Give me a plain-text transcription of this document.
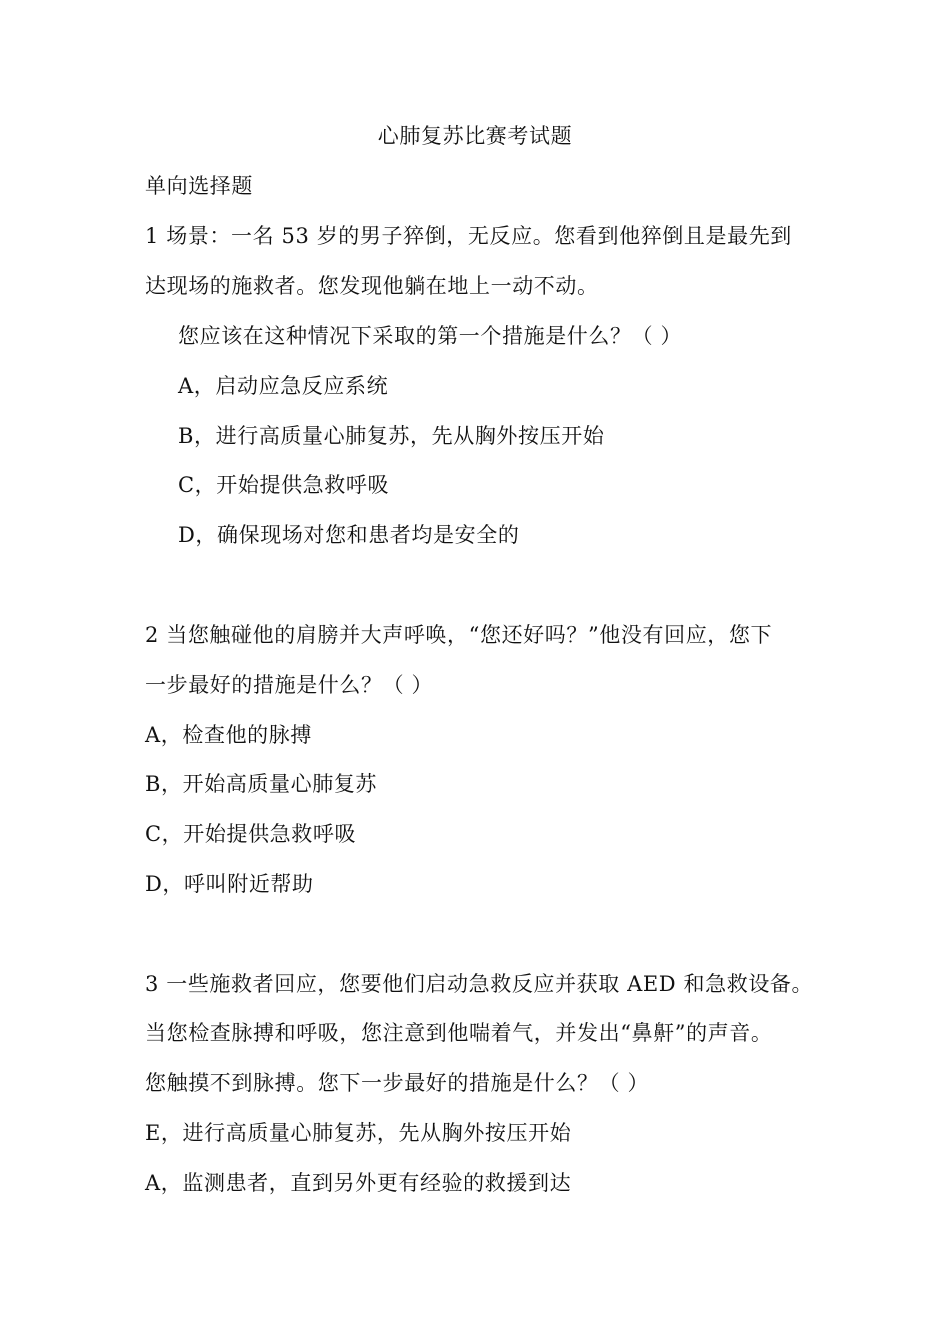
心肺复苏比赛考试题
单向选择题
1 场景：一名 53 岁的男子猝倒，无反应。您看到他猝倒且是最先到
达现场的施救者。您发现他躺在地上一动不动。
您应该在这种情况下采取的第一个措施是什么？（ ）
A，启动应急反应系统
B，进行高质量心肺复苏，先从胸外按压开始
C，开始提供急救呼吸
D，确保现场对您和患者均是安全的
2 当您触碰他的肩膀并大声呼唤，“您还好吗？”他没有回应，您下
一步最好的措施是什么？（ ）
A，检查他的脉搏
B，开始高质量心肺复苏
C，开始提供急救呼吸
D，呼叫附近帮助
3 一些施救者回应，您要他们启动急救反应并获取 AED 和急救设备。
当您检查脉搏和呼吸，您注意到他喘着气，并发出“鼻鼾”的声音。
您触摸不到脉搏。您下一步最好的措施是什么？（ ）
E，进行高质量心肺复苏，先从胸外按压开始
A，监测患者，直到另外更有经验的救援到达
